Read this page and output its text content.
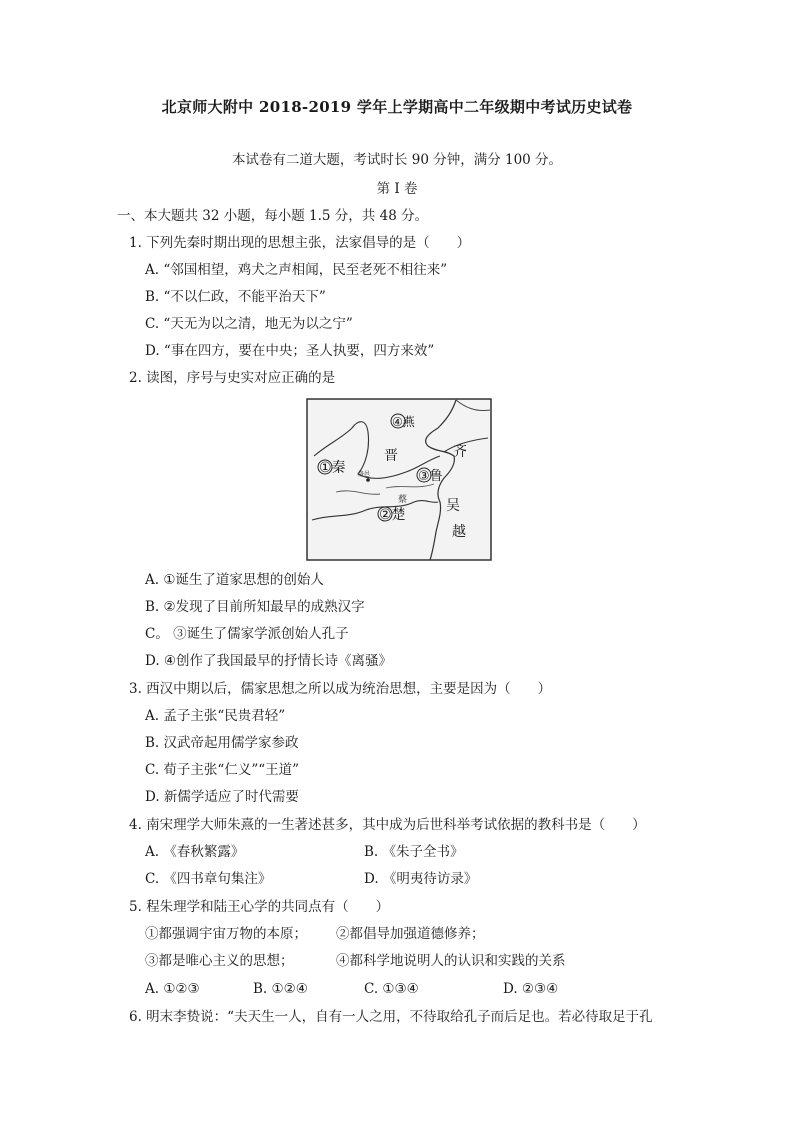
北京师大附中 2018-2019 学年上学期高中二年级期中考试历史试卷
本试卷有二道大题，考试时长 90 分钟，满分 100 分。
第 I 卷
一、本大题共 32 小题，每小题 1.5 分，共 48 分。
1. 下列先秦时期出现的思想主张，法家倡导的是（　　）
A. “邻国相望，鸡犬之声相闻，民至老死不相往来”
B. “不以仁政，不能平治天下”
C. “天无为以之清，地无为以之宁”
D. “事在四方，要在中央；圣人执要，四方来效”
2. 读图，序号与史实对应正确的是
①秦
②楚
③鲁
④燕
晋	齐
吴
越
蔡
洛邑
A. ①诞生了道家思想的创始人
B. ②发现了目前所知最早的成熟汉字
C。 ③诞生了儒家学派创始人孔子
D. ④创作了我国最早的抒情长诗《离骚》
3. 西汉中期以后，儒家思想之所以成为统治思想，主要是因为（　　）
A. 孟子主张“民贵君轻”
B. 汉武帝起用儒学家参政
C. 荀子主张“仁义”“王道”
D. 新儒学适应了时代需要
4. 南宋理学大师朱熹的一生著述甚多，其中成为后世科举考试依据的教科书是（　　）
A. 《春秋繁露》	B. 《朱子全书》
C. 《四书章句集注》	D. 《明夷待访录》
5. 程朱理学和陆王心学的共同点有（　　）
①都强调宇宙万物的本原； ②都倡导加强道德修养；
③都是唯心主义的思想；	④都科学地说明人的认识和实践的关系
A. ①②③	B. ①②④	C. ①③④	D. ②③④
6. 明末李贽说：“夫天生一人，自有一人之用，不待取给孔子而后足也。若必待取足于孔
